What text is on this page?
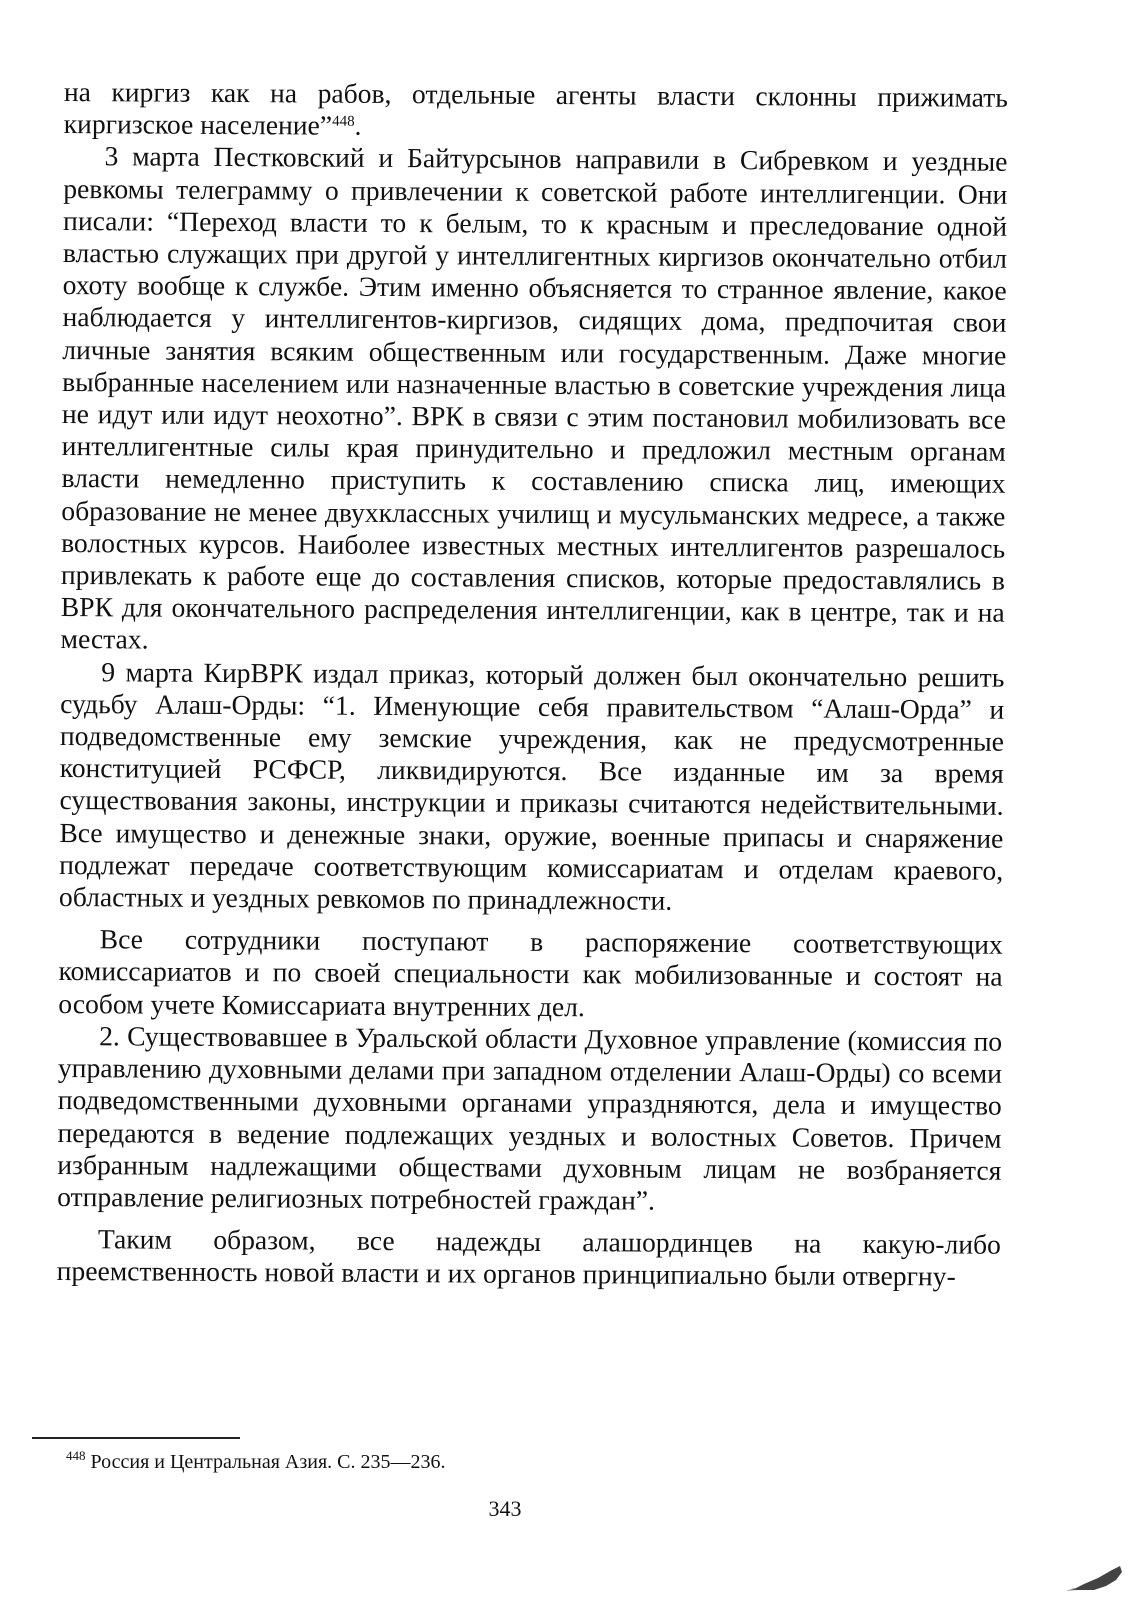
на киргиз как на рабов, отдельные агенты власти склонны прижимать киргизское население”$^{448}$.

3 марта Пестковский и Байтурсынов направили в Сибревком и уездные ревкомы телеграмму о привлечении к советской работе интеллигенции. Они писали: “Переход власти то к белым, то к красным и преследование одной властью служащих при другой у интеллигентных киргизов окончательно отбил охоту вообще к службе. Этим именно объясняется то странное явление, какое наблюдается у интеллигентов-киргизов, сидящих дома, предпочитая свои личные занятия всяким общественным или государственным. Даже многие выбранные населением или назначенные властью в советские учреждения лица не идут или идут неохотно”. ВРК в связи с этим постановил мобилизовать все интеллигентные силы края принудительно и предложил местным органам власти немедленно приступить к составлению списка лиц, имеющих образование не менее двухклассных училищ и мусульманских медресе, а также волостных курсов. Наиболее известных местных интеллигентов разрешалось привлекать к работе еще до составления списков, которые предоставлялись в ВРК для окончательного распределения интеллигенции, как в центре, так и на местах.

9 марта КирВРК издал приказ, который должен был окончательно решить судьбу Алаш-Орды: “1. Именующие себя правительством “Алаш-Орда” и подведомственные ему земские учреждения, как не предусмотренные конституцией РСФСР, ликвидируются. Все изданные им за время существования законы, инструкции и приказы считаются недействительными. Все имущество и денежные знаки, оружие, военные припасы и снаряжение подлежат передаче соответствующим комиссариатам и отделам краевого, областных и уездных ревкомов по принадлежности.

Все сотрудники поступают в распоряжение соответствующих комиссариатов и по своей специальности как мобилизованные и состоят на особом учете Комиссариата внутренних дел.

2. Существовавшее в Уральской области Духовное управление (комиссия по управлению духовными делами при западном отделении Алаш-Орды) со всеми подведомственными духовными органами упраздняются, дела и имущество передаются в ведение подлежащих уездных и волостных Советов. Причем избранным надлежащими обществами духовным лицам не возбраняется отправление религиозных потребностей граждан”.

Таким образом, все надежды алашординцев на какую-либо преемственность новой власти и их органов принципиально были отвергну-

$^{448}$ Россия и Центральная Азия. С. 235—236.
343
